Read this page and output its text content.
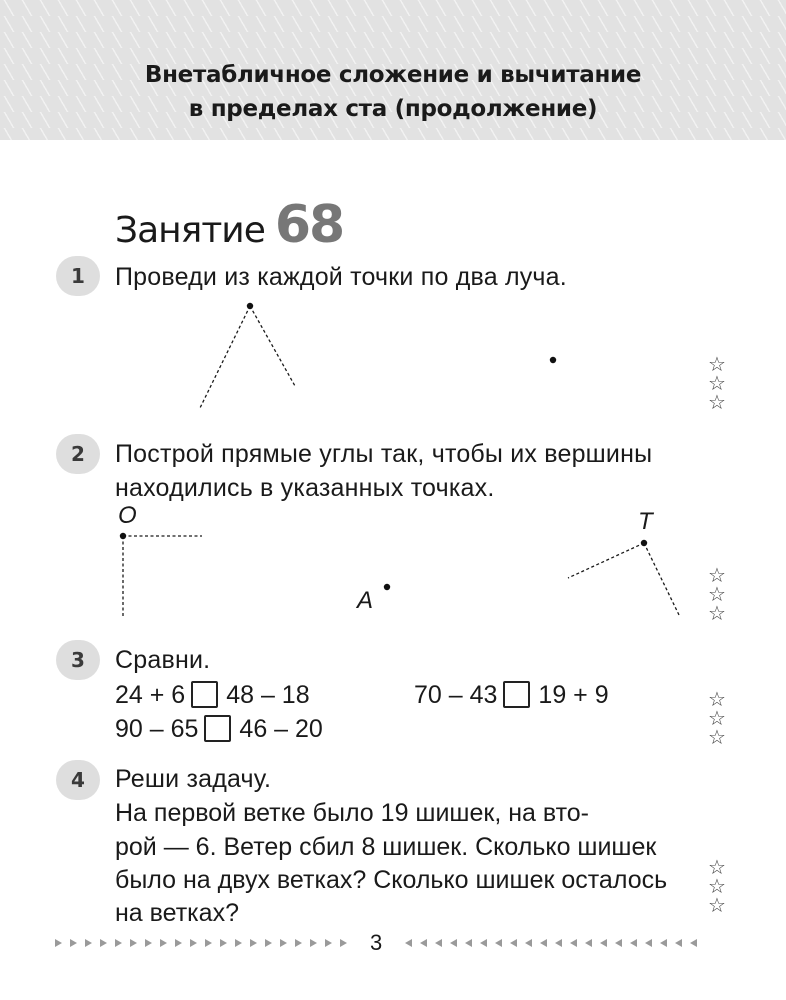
Внетабличное сложение и вычитание
в пределах ста (продолжение)
Занятие 68
1	Проведи из каждой точки по два луча.

2	Построй прямые углы так, чтобы их вершины

находились в указанных точках.

O
A
T
3	Сравни.

24 + 6 48 – 18	70 – 43 19 + 9

90 – 65 46 – 20

4	Реши задачу.

На первой ветке было 19 шишек, на вто-

рой — 6. Ветер сбил 8 шишек. Сколько шишек

было на двух ветках? Сколько шишек осталось

на ветках?

☆
☆
☆
☆
☆
☆
☆
☆
☆
☆
☆
☆
3
